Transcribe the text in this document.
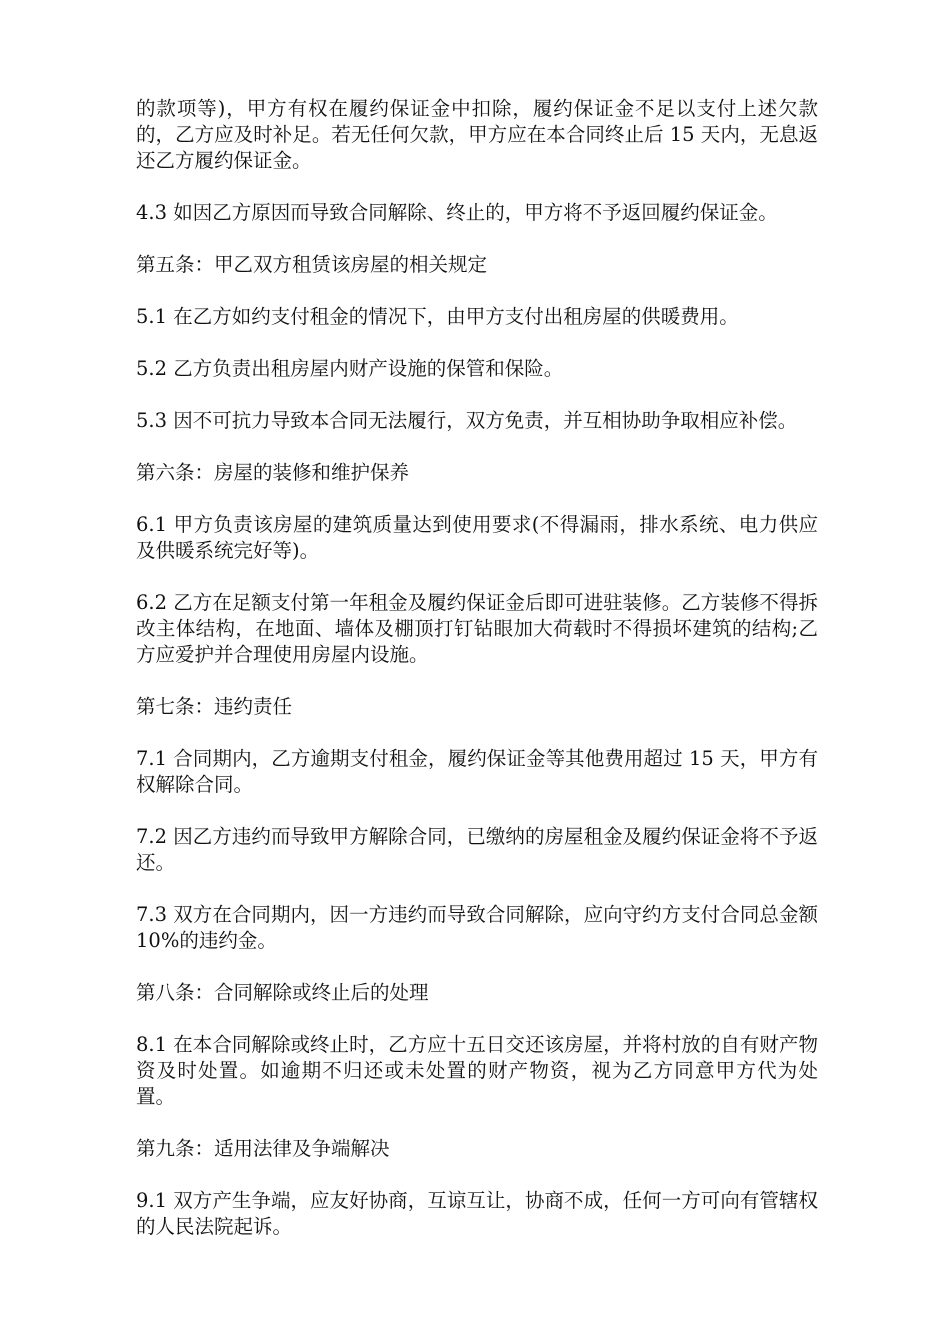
的款项等)，甲方有权在履约保证金中扣除，履约保证金不足以支付上述欠款的，乙方应及时补足。若无任何欠款，甲方应在本合同终止后 15 天内，无息返还乙方履约保证金。

4.3 如因乙方原因而导致合同解除、终止的，甲方将不予返回履约保证金。

第五条：甲乙双方租赁该房屋的相关规定

5.1 在乙方如约支付租金的情况下，由甲方支付出租房屋的供暖费用。

5.2 乙方负责出租房屋内财产设施的保管和保险。

5.3 因不可抗力导致本合同无法履行，双方免责，并互相协助争取相应补偿。

第六条：房屋的装修和维护保养

6.1 甲方负责该房屋的建筑质量达到使用要求(不得漏雨，排水系统、电力供应及供暖系统完好等)。

6.2 乙方在足额支付第一年租金及履约保证金后即可进驻装修。乙方装修不得拆改主体结构，在地面、墙体及棚顶打钉钻眼加大荷载时不得损坏建筑的结构;乙方应爱护并合理使用房屋内设施。

第七条：违约责任

7.1 合同期内，乙方逾期支付租金，履约保证金等其他费用超过 15 天，甲方有权解除合同。

7.2 因乙方违约而导致甲方解除合同，已缴纳的房屋租金及履约保证金将不予返还。

7.3 双方在合同期内，因一方违约而导致合同解除，应向守约方支付合同总金额 10%的违约金。

第八条：合同解除或终止后的处理

8.1 在本合同解除或终止时，乙方应十五日交还该房屋，并将村放的自有财产物资及时处置。如逾期不归还或未处置的财产物资，视为乙方同意甲方代为处置。

第九条：适用法律及争端解决

9.1 双方产生争端，应友好协商，互谅互让，协商不成，任何一方可向有管辖权的人民法院起诉。
